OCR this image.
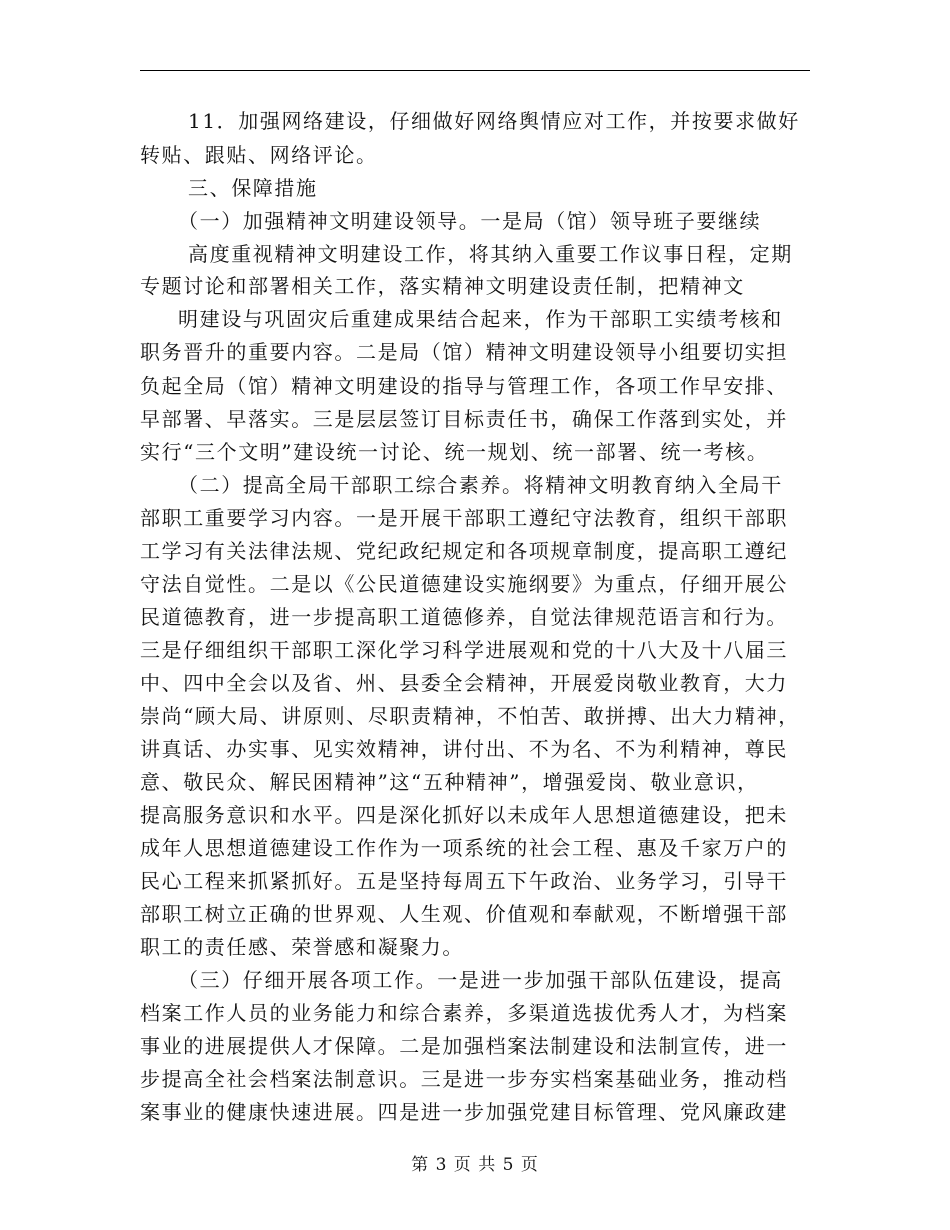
11．加强网络建设，仔细做好网络舆情应对工作，并按要求做好
转贴、跟贴、网络评论。
三、保障措施
（一）加强精神文明建设领导。一是局（馆）领导班子要继续
高度重视精神文明建设工作，将其纳入重要工作议事日程，定期
专题讨论和部署相关工作，落实精神文明建设责任制，把精神文
明建设与巩固灾后重建成果结合起来，作为干部职工实绩考核和
职务晋升的重要内容。二是局（馆）精神文明建设领导小组要切实担
负起全局（馆）精神文明建设的指导与管理工作，各项工作早安排、
早部署、早落实。三是层层签订目标责任书，确保工作落到实处，并
实行“三个文明”建设统一讨论、统一规划、统一部署、统一考核。
（二）提高全局干部职工综合素养。将精神文明教育纳入全局干
部职工重要学习内容。一是开展干部职工遵纪守法教育，组织干部职
工学习有关法律法规、党纪政纪规定和各项规章制度，提高职工遵纪
守法自觉性。二是以《公民道德建设实施纲要》为重点，仔细开展公
民道德教育，进一步提高职工道德修养，自觉法律规范语言和行为。
三是仔细组织干部职工深化学习科学进展观和党的十八大及十八届三
中、四中全会以及省、州、县委全会精神，开展爱岗敬业教育，大力
崇尚“顾大局、讲原则、尽职责精神，不怕苦、敢拼搏、出大力精神，
讲真话、办实事、见实效精神，讲付出、不为名、不为利精神，尊民
意、敬民众、解民困精神”这“五种精神”，增强爱岗、敬业意识，
提高服务意识和水平。四是深化抓好以未成年人思想道德建设，把未
成年人思想道德建设工作作为一项系统的社会工程、惠及千家万户的
民心工程来抓紧抓好。五是坚持每周五下午政治、业务学习，引导干
部职工树立正确的世界观、人生观、价值观和奉献观，不断增强干部
职工的责任感、荣誉感和凝聚力。
（三）仔细开展各项工作。一是进一步加强干部队伍建设，提高
档案工作人员的业务能力和综合素养，多渠道选拔优秀人才，为档案
事业的进展提供人才保障。二是加强档案法制建设和法制宣传，进一
步提高全社会档案法制意识。三是进一步夯实档案基础业务，推动档
案事业的健康快速进展。四是进一步加强党建目标管理、党风廉政建
第 3 页 共 5 页
